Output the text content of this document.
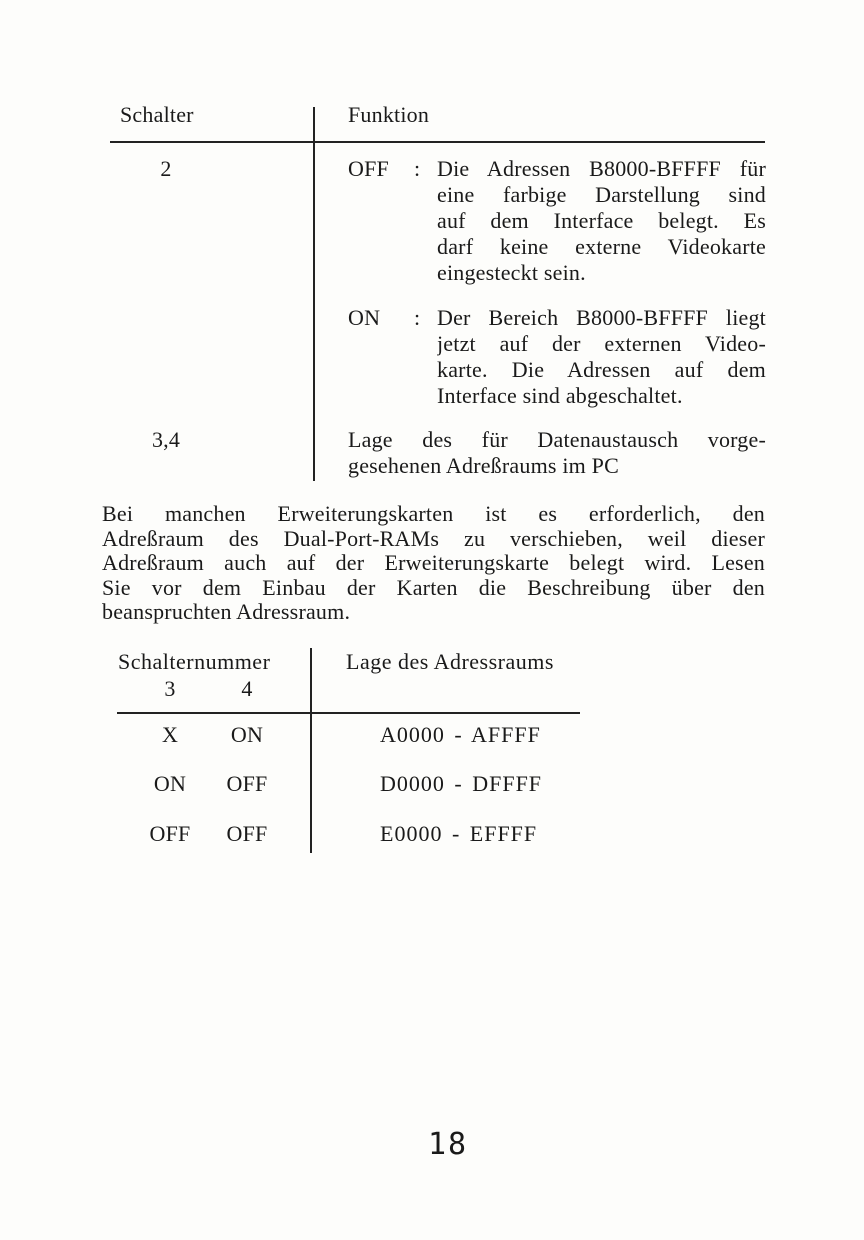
Schalter	Funktion
2	OFF : Die Adressen B8000-BFFFF für
eine farbige Darstellung sind
auf dem Interface belegt. Es
darf keine externe Videokarte
eingesteckt sein.
ON : Der Bereich B8000-BFFFF liegt
jetzt auf der externen Video-
karte. Die Adressen auf dem
Interface sind abgeschaltet.
3,4	Lage des für Datenaustausch vorge-
gesehenen Adreßraums im PC
Bei manchen Erweiterungskarten ist es erforderlich, den
Adreßraum des Dual-Port-RAMs zu verschieben, weil dieser
Adreßraum auch auf der Erweiterungskarte belegt wird. Lesen
Sie vor dem Einbau der Karten die Beschreibung über den
beanspruchten Adressraum.
Schalternummer
3	4
Lage des Adressraums
X	ON	A0000 - AFFFF
ON	OFF	D0000 - DFFFF
OFF	OFF	E0000 - EFFFF
18
